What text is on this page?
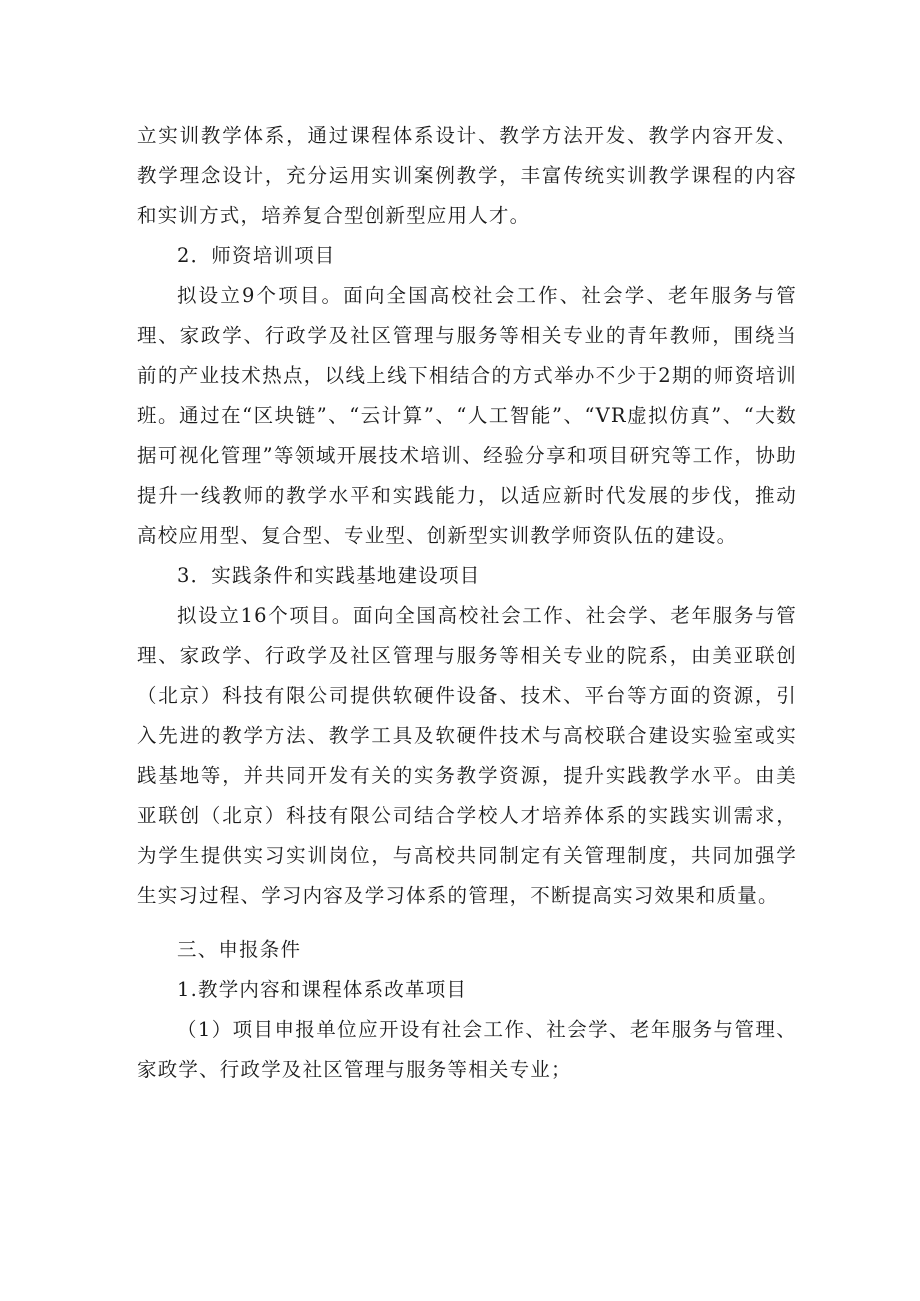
立实训教学体系，通过课程体系设计、教学方法开发、教学内容开发、教学理念设计，充分运用实训案例教学，丰富传统实训教学课程的内容和实训方式，培养复合型创新型应用人才。

2．师资培训项目

拟设立9个项目。面向全国高校社会工作、社会学、老年服务与管理、家政学、行政学及社区管理与服务等相关专业的青年教师，围绕当前的产业技术热点，以线上线下相结合的方式举办不少于2期的师资培训班。通过在“区块链”、“云计算”、“人工智能”、“VR虚拟仿真”、“大数据可视化管理”等领域开展技术培训、经验分享和项目研究等工作，协助提升一线教师的教学水平和实践能力，以适应新时代发展的步伐，推动高校应用型、复合型、专业型、创新型实训教学师资队伍的建设。

3．实践条件和实践基地建设项目

拟设立16个项目。面向全国高校社会工作、社会学、老年服务与管理、家政学、行政学及社区管理与服务等相关专业的院系，由美亚联创（北京）科技有限公司提供软硬件设备、技术、平台等方面的资源，引入先进的教学方法、教学工具及软硬件技术与高校联合建设实验室或实践基地等，并共同开发有关的实务教学资源，提升实践教学水平。由美亚联创（北京）科技有限公司结合学校人才培养体系的实践实训需求，为学生提供实习实训岗位，与高校共同制定有关管理制度，共同加强学生实习过程、学习内容及学习体系的管理，不断提高实习效果和质量。

三、申报条件

1.教学内容和课程体系改革项目

（1）项目申报单位应开设有社会工作、社会学、老年服务与管理、家政学、行政学及社区管理与服务等相关专业；
